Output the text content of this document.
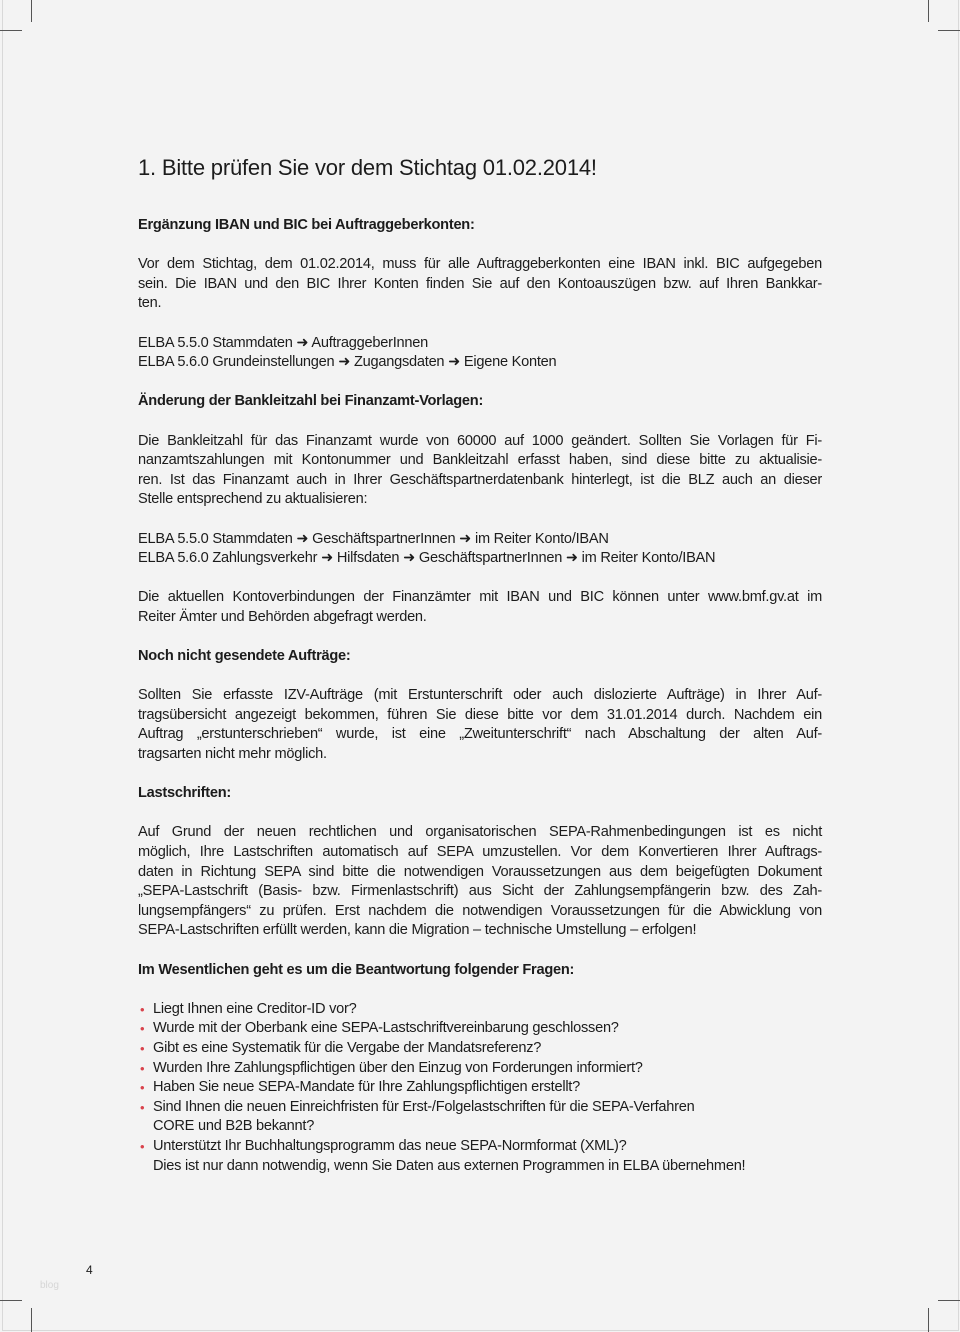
1. Bitte prüfen Sie vor dem Stichtag 01.02.2014!
Ergänzung IBAN und BIC bei Auftraggeberkonten:
Vor dem Stichtag, dem 01.02.2014, muss für alle Auftraggeberkonten eine IBAN inkl. BIC aufgegeben
sein. Die IBAN und den BIC Ihrer Konten finden Sie auf den Kontoauszügen bzw. auf Ihren Bankkar-
ten.
ELBA 5.5.0 Stammdaten ➜ AuftraggeberInnen
ELBA 5.6.0 Grundeinstellungen ➜ Zugangsdaten ➜ Eigene Konten
Änderung der Bankleitzahl bei Finanzamt-Vorlagen:
Die Bankleitzahl für das Finanzamt wurde von 60000 auf 1000 geändert. Sollten Sie Vorlagen für Fi-
nanzamtszahlungen mit Kontonummer und Bankleitzahl erfasst haben, sind diese bitte zu aktualisie-
ren. Ist das Finanzamt auch in Ihrer Geschäftspartnerdatenbank hinterlegt, ist die BLZ auch an dieser
Stelle entsprechend zu aktualisieren:
ELBA 5.5.0 Stammdaten ➜ GeschäftspartnerInnen ➜ im Reiter Konto/IBAN
ELBA 5.6.0 Zahlungsverkehr ➜ Hilfsdaten ➜ GeschäftspartnerInnen ➜ im Reiter Konto/IBAN
Die aktuellen Kontoverbindungen der Finanzämter mit IBAN und BIC können unter www.bmf.gv.at im
Reiter Ämter und Behörden abgefragt werden.
Noch nicht gesendete Aufträge:
Sollten Sie erfasste IZV-Aufträge (mit Erstunterschrift oder auch dislozierte Aufträge) in Ihrer Auf-
tragsübersicht angezeigt bekommen, führen Sie diese bitte vor dem 31.01.2014 durch. Nachdem ein
Auftrag „erstunterschrieben“ wurde, ist eine „Zweitunterschrift“ nach Abschaltung der alten Auf-
tragsarten nicht mehr möglich.
Lastschriften:
Auf Grund der neuen rechtlichen und organisatorischen SEPA-Rahmenbedingungen ist es nicht
möglich, Ihre Lastschriften automatisch auf SEPA umzustellen. Vor dem Konvertieren Ihrer Auftrags-
daten in Richtung SEPA sind bitte die notwendigen Voraussetzungen aus dem beigefügten Dokument
„SEPA-Lastschrift (Basis- bzw. Firmenlastschrift) aus Sicht der Zahlungsempfängerin bzw. des Zah-
lungsempfängers“ zu prüfen. Erst nachdem die notwendigen Voraussetzungen für die Abwicklung von
SEPA-Lastschriften erfüllt werden, kann die Migration – technische Umstellung – erfolgen!
Im Wesentlichen geht es um die Beantwortung folgender Fragen:
• Liegt Ihnen eine Creditor-ID vor?
• Wurde mit der Oberbank eine SEPA-Lastschriftvereinbarung geschlossen?
• Gibt es eine Systematik für die Vergabe der Mandatsreferenz?
• Wurden Ihre Zahlungspflichtigen über den Einzug von Forderungen informiert?
• Haben Sie neue SEPA-Mandate für Ihre Zahlungspflichtigen erstellt?
• Sind Ihnen die neuen Einreichfristen für Erst-/Folgelastschriften für die SEPA-Verfahren
CORE und B2B bekannt?
• Unterstützt Ihr Buchhaltungsprogramm das neue SEPA-Normformat (XML)?
Dies ist nur dann notwendig, wenn Sie Daten aus externen Programmen in ELBA übernehmen!
4
blog
